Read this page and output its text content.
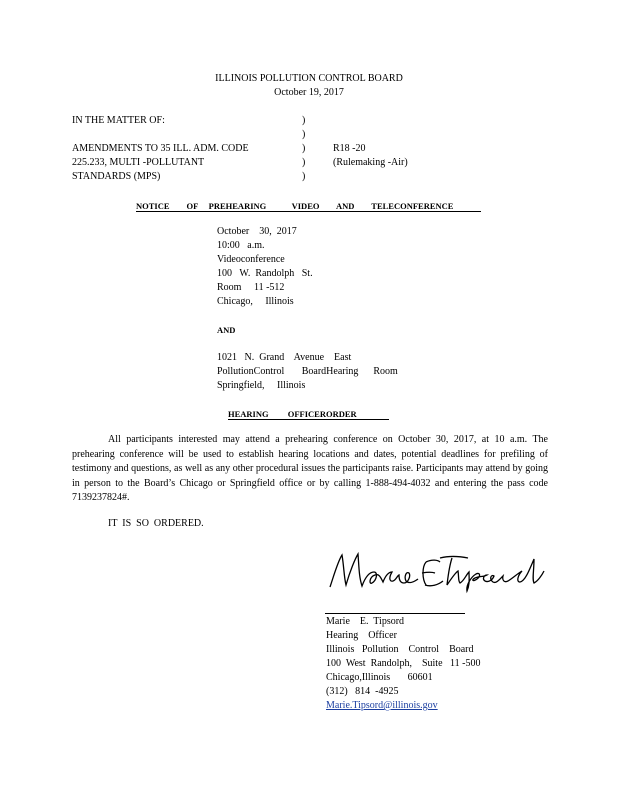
ILLINOIS POLLUTION CONTROL BOARD
October 19, 2017
IN THE MATTER OF:
AMENDMENTS TO 35 ILL. ADM. CODE
225.233, MULTI -POLLUTANT
STANDARDS (MPS)
)
)
)
)
)
R18 -20
(Rulemaking -Air)
NOTICE        OF     PREHEARING            VIDEO        AND        TELECONFERENCE
October    30,  2017
10:00   a.m.
Videoconference
100   W.  Randolph   St.
Room     11 -512
Chicago,     Illinois
AND
1021   N.  Grand    Avenue    East
PollutionControl       BoardHearing      Room
Springfield,     Illinois
HEARING         OFFICERORDER
All participants interested may attend a prehearing conference on October 30, 2017, at 10 a.m. The prehearing conference will be used to establish hearing locations and dates, potential deadlines for prefiling of testimony and questions, as well as any other procedural issues the participants raise. Participants may attend by going in person to the Board’s Chicago or Springfield office or by calling 1-888-494-4032 and entering the pass code 7139237824#.
IT  IS  SO  ORDERED.
Marie    E.  Tipsord
Hearing    Officer
Illinois   Pollution    Control    Board
100  West  Randolph,    Suite   11 -500
Chicago,Illinois       60601
(312)   814  -4925
Marie.Tipsord@illinois.gov
